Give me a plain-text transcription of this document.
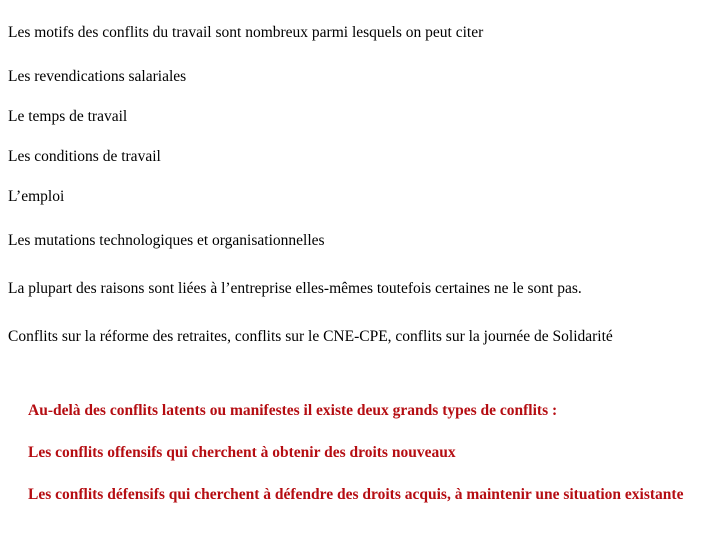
Les motifs des conflits du travail sont nombreux parmi lesquels on peut citer

Les revendications salariales

Le temps de travail

Les conditions de travail

L’emploi

Les mutations technologiques et organisationnelles

La plupart des raisons sont liées à l’entreprise elles-mêmes toutefois certaines ne le sont pas.

Conflits sur la réforme des retraites, conflits sur le CNE-CPE, conflits sur la journée de Solidarité

Au-delà des conflits latents ou manifestes il existe deux grands types de conflits :

Les conflits offensifs qui cherchent à obtenir des droits nouveaux

Les conflits défensifs qui cherchent à défendre des droits acquis, à maintenir une situation existante
